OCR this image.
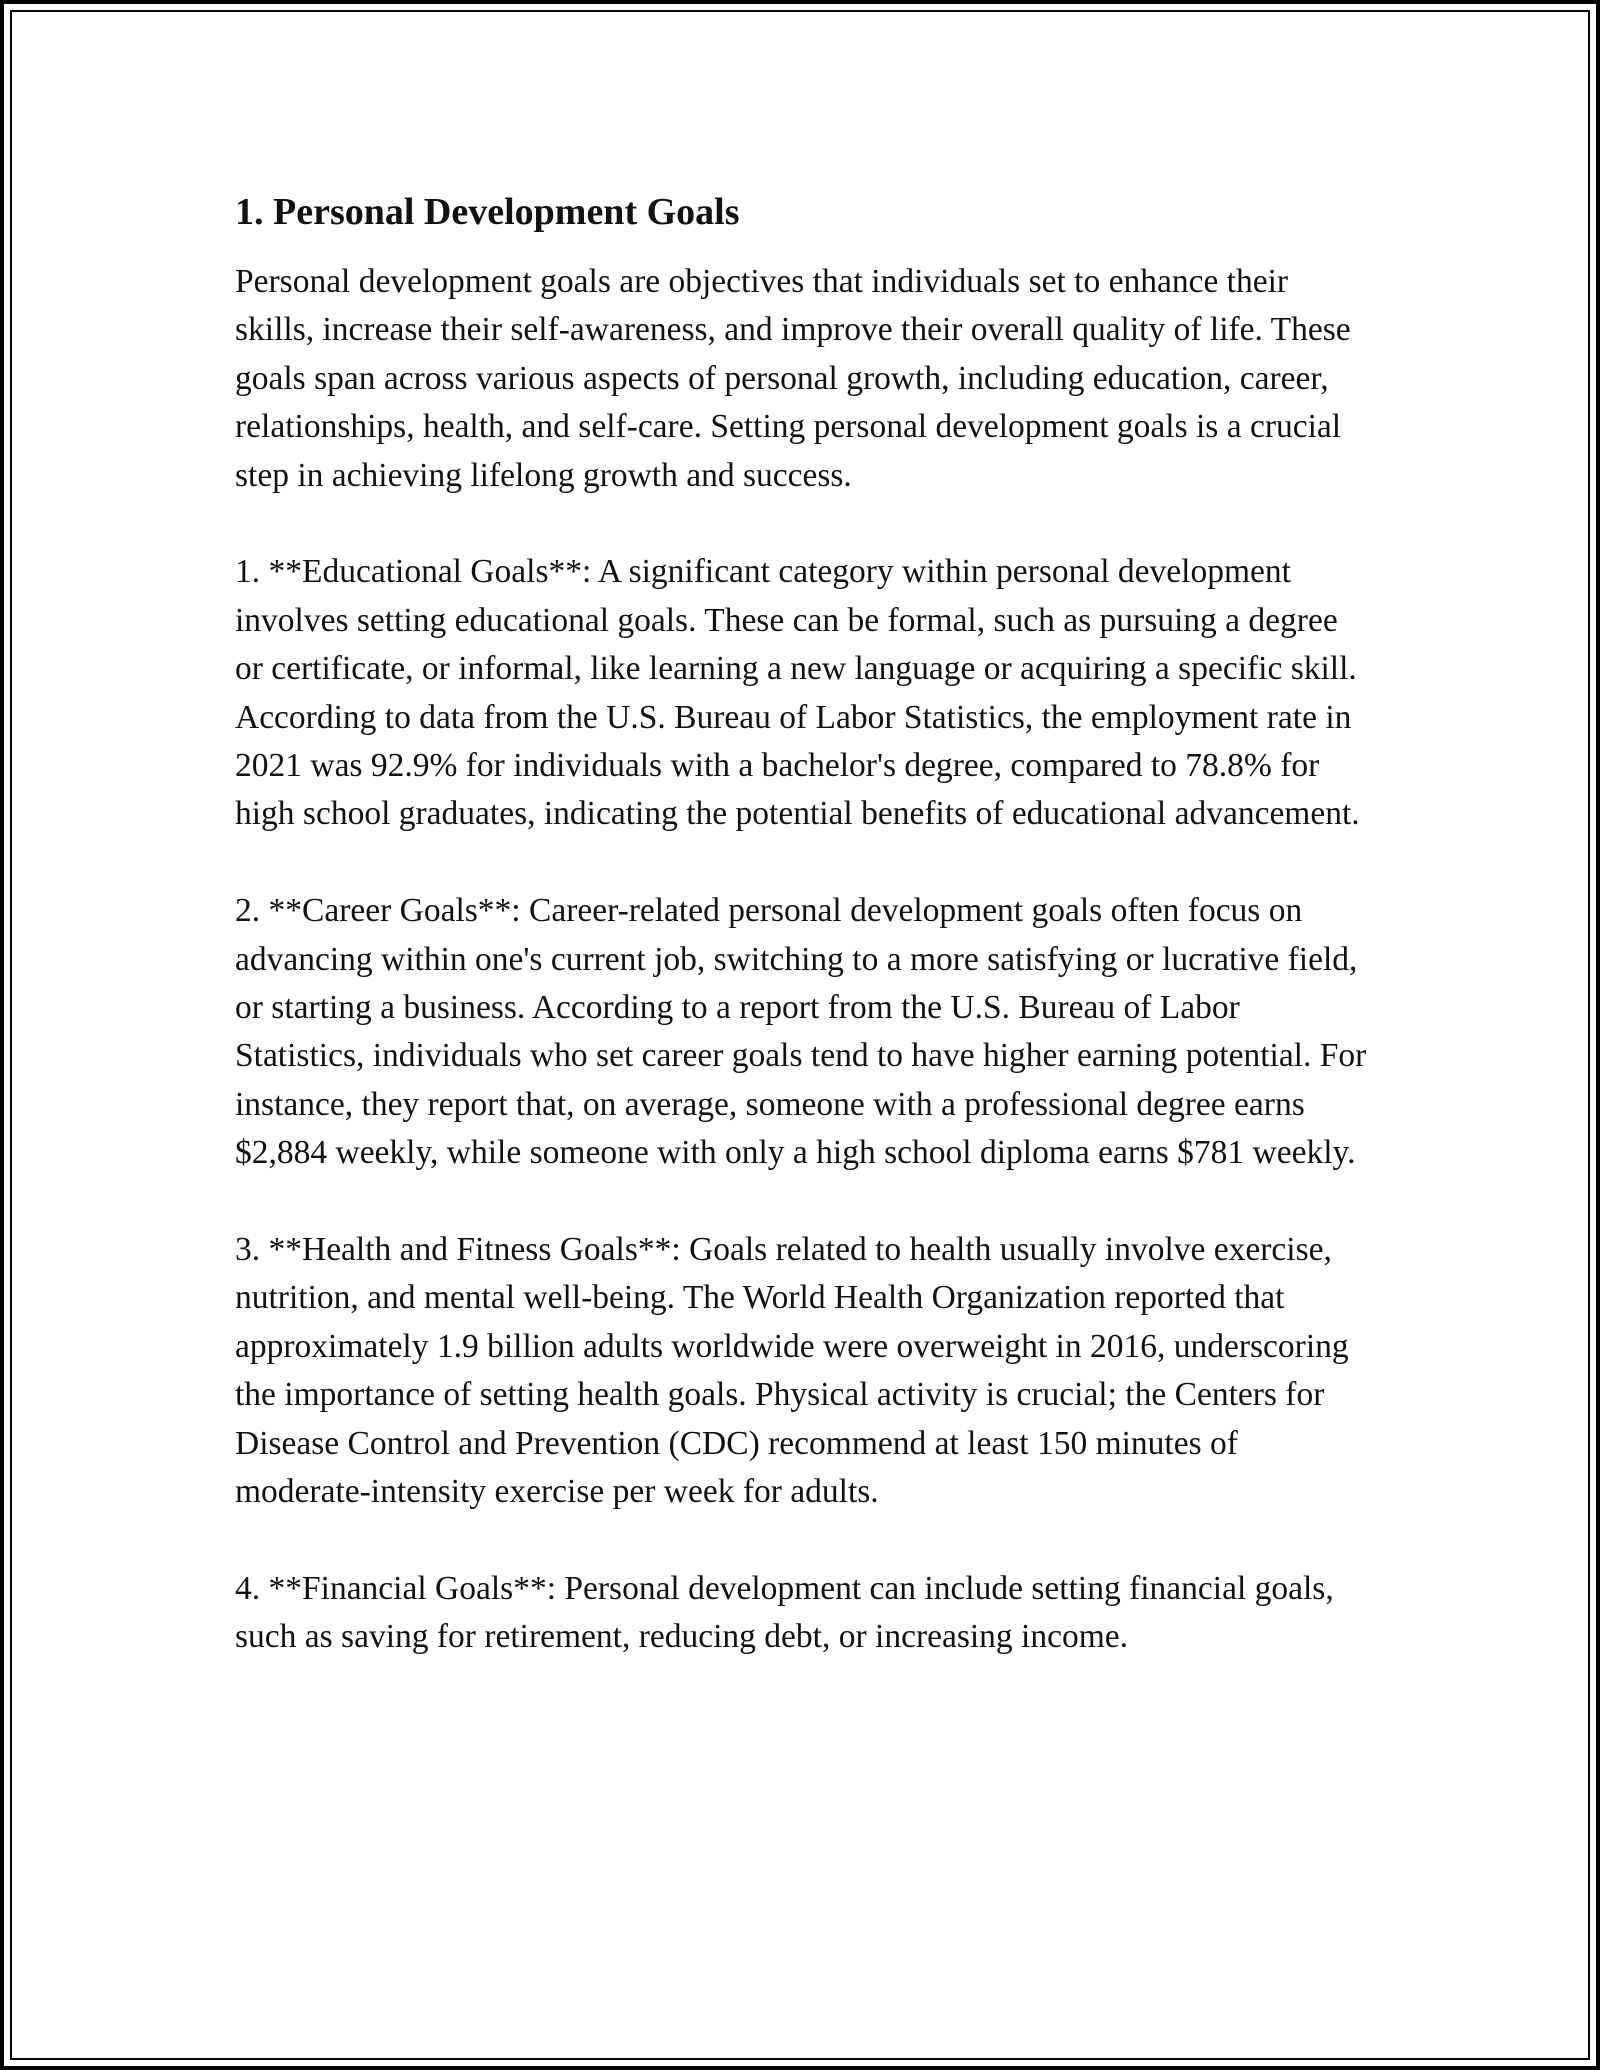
1. Personal Development Goals

Personal development goals are objectives that individuals set to enhance their skills, increase their self-awareness, and improve their overall quality of life. These goals span across various aspects of personal growth, including education, career, relationships, health, and self-care. Setting personal development goals is a crucial step in achieving lifelong growth and success.

1. **Educational Goals**: A significant category within personal development involves setting educational goals. These can be formal, such as pursuing a degree or certificate, or informal, like learning a new language or acquiring a specific skill. According to data from the U.S. Bureau of Labor Statistics, the employment rate in 2021 was 92.9% for individuals with a bachelor's degree, compared to 78.8% for high school graduates, indicating the potential benefits of educational advancement.

2. **Career Goals**: Career-related personal development goals often focus on advancing within one's current job, switching to a more satisfying or lucrative field, or starting a business. According to a report from the U.S. Bureau of Labor Statistics, individuals who set career goals tend to have higher earning potential. For instance, they report that, on average, someone with a professional degree earns $2,884 weekly, while someone with only a high school diploma earns $781 weekly.

3. **Health and Fitness Goals**: Goals related to health usually involve exercise, nutrition, and mental well-being. The World Health Organization reported that approximately 1.9 billion adults worldwide were overweight in 2016, underscoring the importance of setting health goals. Physical activity is crucial; the Centers for Disease Control and Prevention (CDC) recommend at least 150 minutes of moderate-intensity exercise per week for adults.

4. **Financial Goals**: Personal development can include setting financial goals, such as saving for retirement, reducing debt, or increasing income.
